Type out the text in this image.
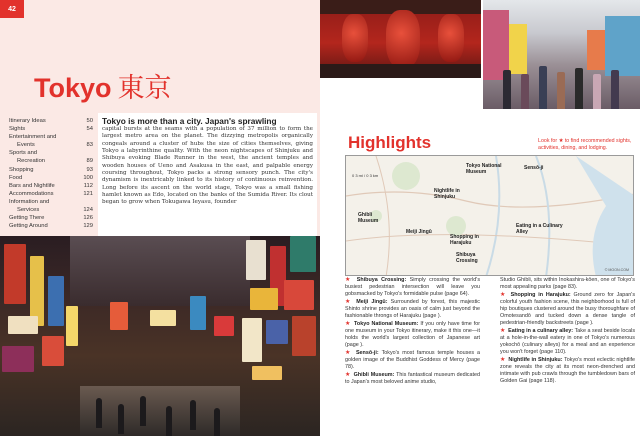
42
Tokyo 東京
Itinerary Ideas	50
Sights	54
Entertainment and
Events	83
Sports and
Recreation	89
Shopping	93
Food	100
Bars and Nightlife	112
Accommodations	121
Information and
Services	124
Getting There	126
Getting Around	129
Tokyo is more than a city. Japan's sprawling
capital bursts at the seams with a population of 37 million to form the largest metro area on the planet. The dizzying metropolis organically congeals around a cluster of hubs the size of cities themselves, giving Tokyo a labyrinthine quality. With the neon nightscapes of Shinjuku and Shibuya evoking Blade Runner in the west, the ancient temples and wooden houses of Ueno and Asakusa in the east, and palpable energy coursing throughout, Tokyo packs a strong sensory punch. The city's dynamism is inextricably linked to its history of continuous reinvention. Long before its ascent on the world stage, Tokyo was a small fishing hamlet known as Edo, located on the banks of the Sumida River. Its clout began to grow when Tokugawa Ieyasu, founder
Highlights	Look for ★ to find recommended sights, activities, dining, and lodging.
0 3 mi / 0 3 km
Tokyo National Museum
Sensō-ji
Nightlife in Shinjuku
Ghibli Museum
Meiji Jingū
Shopping in Harajuku
Shibuya Crossing
Eating in a Culinary Alley
© MOON.COM
★ Shibuya Crossing: Simply crossing the world's busiest pedestrian intersection will leave you gobsmacked by Tokyo's formidable pulse (page 64).
★ Meiji Jingū: Surrounded by forest, this majestic Shinto shrine provides an oasis of calm just beyond the fashionable throngs of Harajuku (page ).
★ Tokyo National Museum: If you only have time for one museum in your Tokyo itinerary, make it this one—it holds the world's largest collection of Japanese art (page ).
★ Sensō-ji: Tokyo's most famous temple houses a golden image of the Buddhist Goddess of Mercy (page 78).
★ Ghibli Museum: This fantastical museum dedicated to Japan's most beloved anime studio,
Studio Ghibli, sits within Inokashira-kōen, one of Tokyo's most appealing parks (page 83).
★ Shopping in Harajuku: Ground zero for Japan's colorful youth fashion scene, this neighborhood is full of hip boutiques clustered around the busy thoroughfare of Omotesandō and tucked down a dense tangle of pedestrian-friendly backstreets (page ).
★ Eating in a culinary alley: Take a seat beside locals at a hole-in-the-wall eatery in one of Tokyo's numerous yokochō (culinary alleys) for a meal and an experience you won't forget (page 110).
★ Nightlife in Shinjuku: Tokyo's most eclectic nightlife zone reveals the city at its most neon-drenched and intimate with pub crawls through the tumbledown bars of Golden Gai (page 118).
